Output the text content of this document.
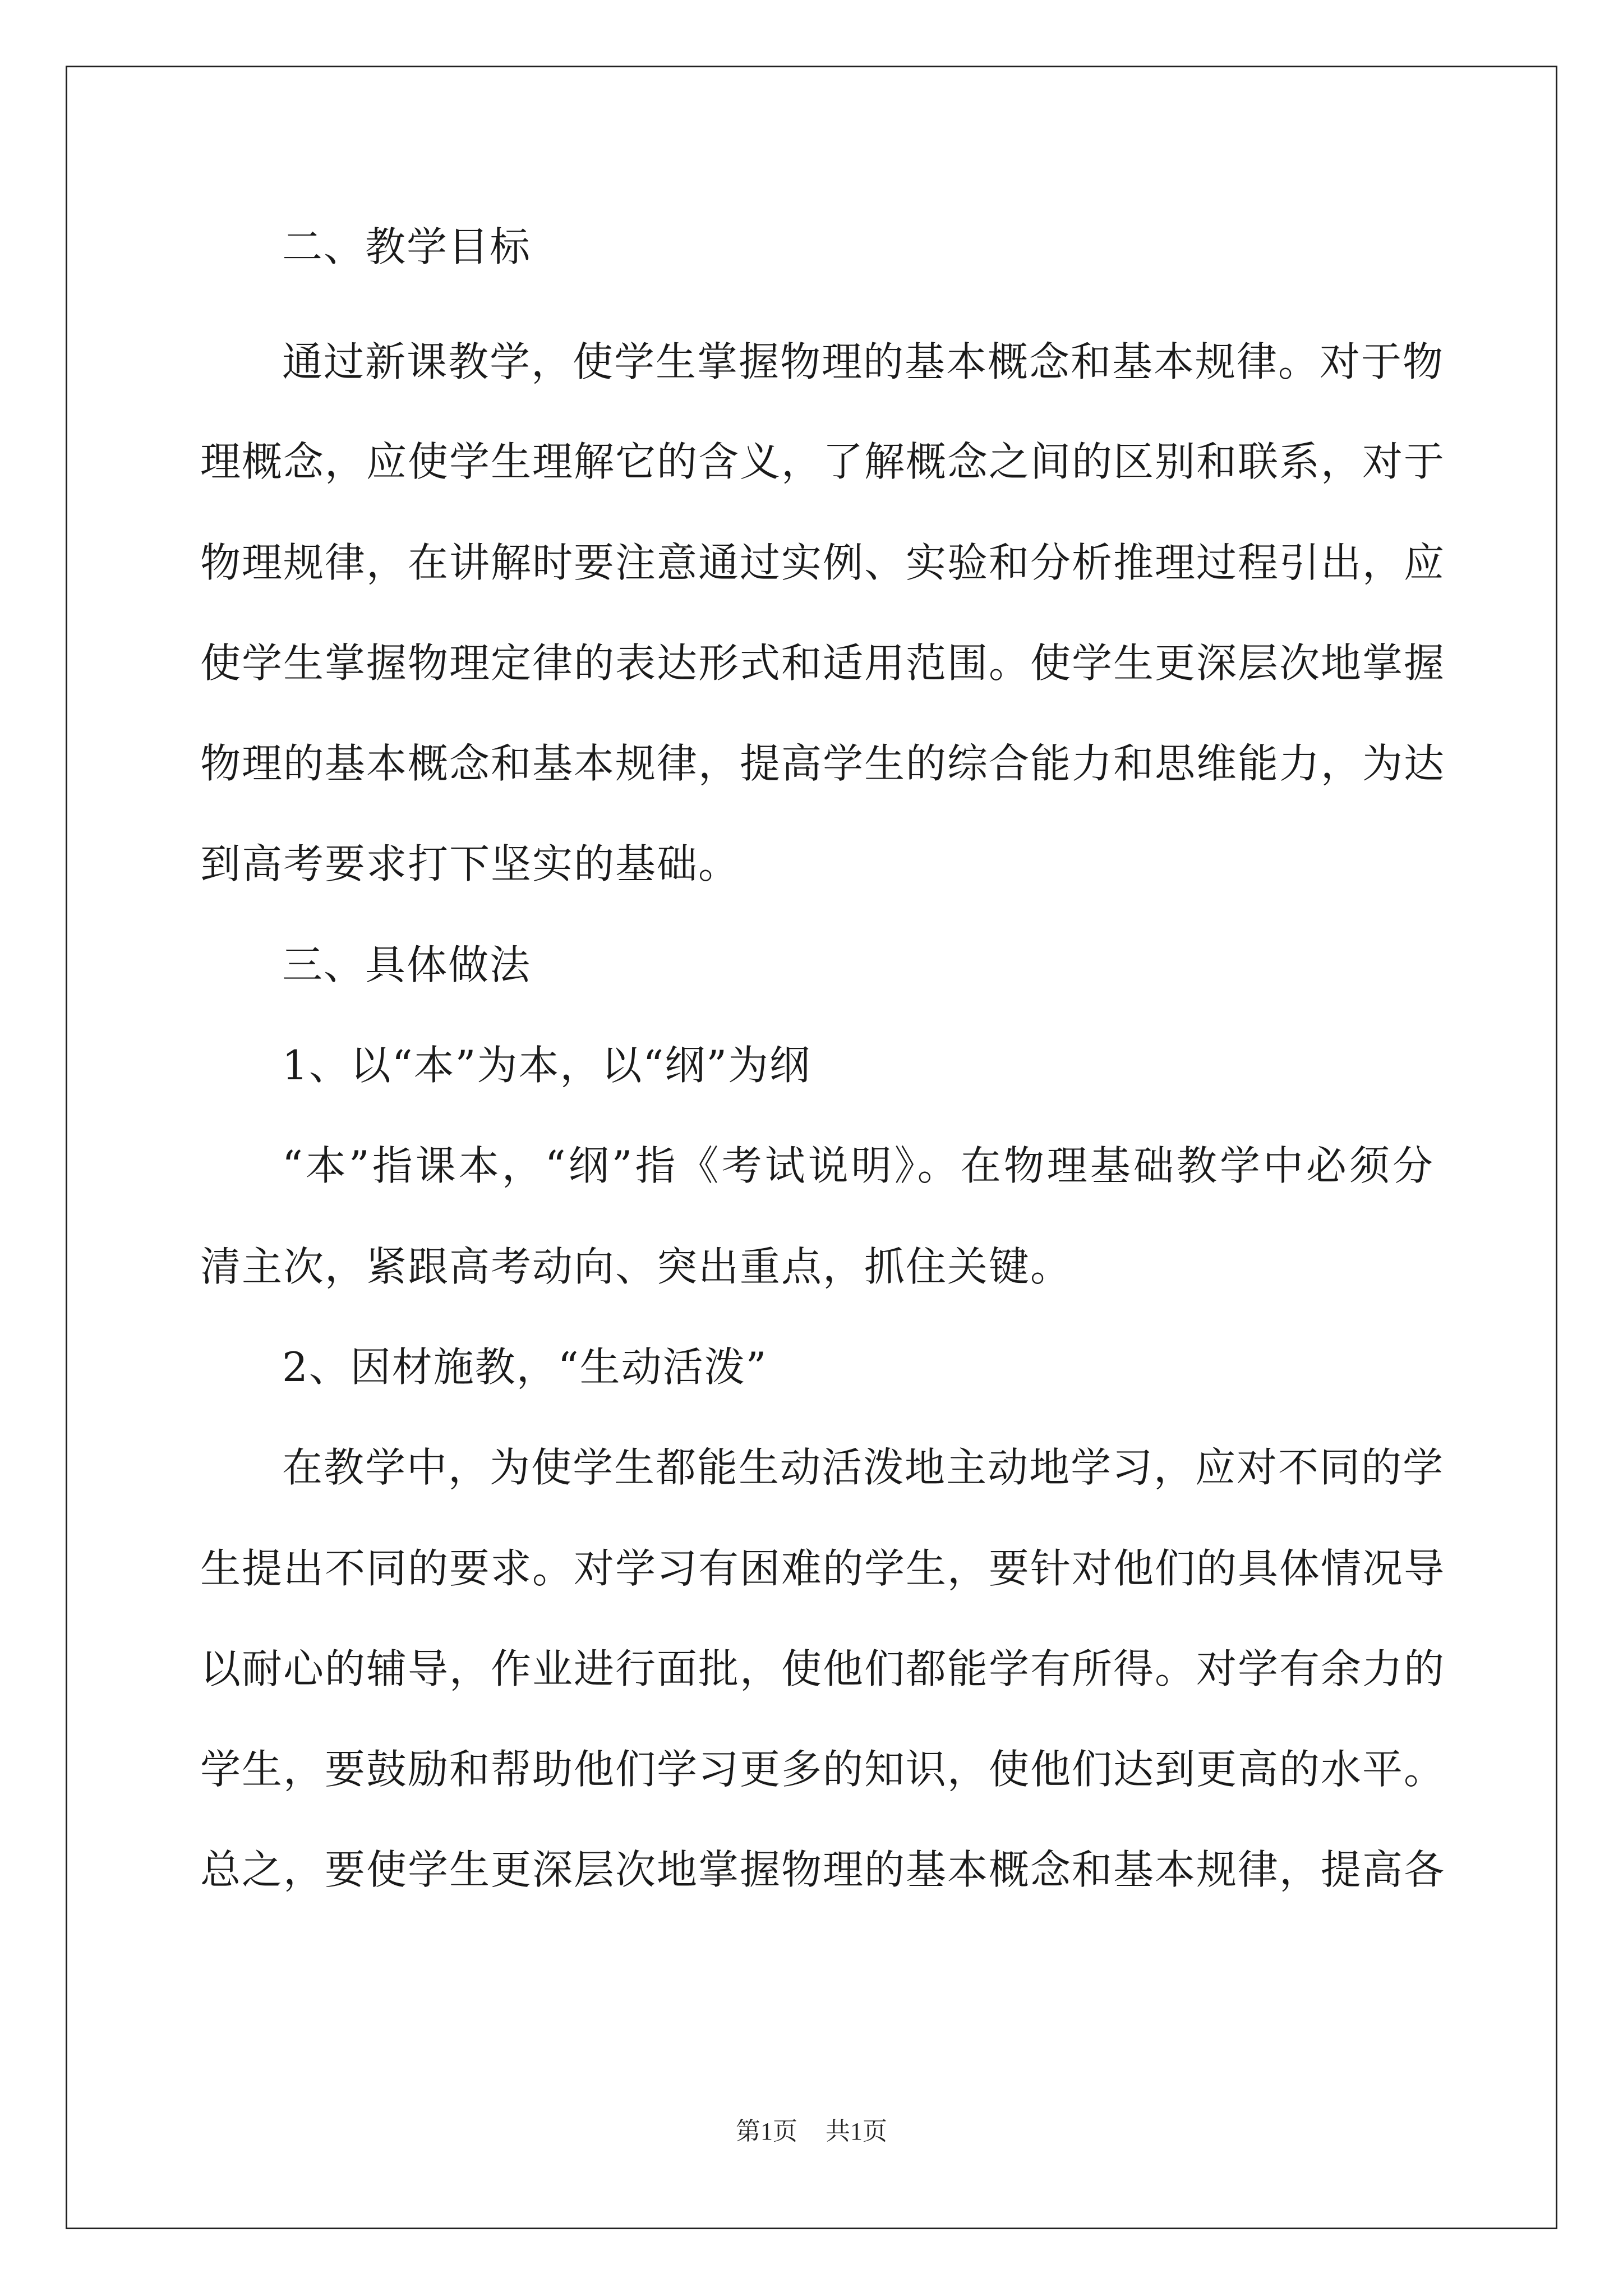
二、教学目标
通过新课教学，使学生掌握物理的基本概念和基本规律。对于物
理概念，应使学生理解它的含义，了解概念之间的区别和联系，对于
物理规律，在讲解时要注意通过实例、实验和分析推理过程引出，应
使学生掌握物理定律的表达形式和适用范围。使学生更深层次地掌握
物理的基本概念和基本规律，提高学生的综合能力和思维能力，为达
到高考要求打下坚实的基础。
三、具体做法
1、以“本”为本，以“纲”为纲
“本”指课本，“纲”指《考试说明》。在物理基础教学中必须分
清主次，紧跟高考动向、突出重点，抓住关键。
2、因材施教，“生动活泼”
在教学中，为使学生都能生动活泼地主动地学习，应对不同的学
生提出不同的要求。对学习有困难的学生，要针对他们的具体情况导
以耐心的辅导，作业进行面批，使他们都能学有所得。对学有余力的
学生，要鼓励和帮助他们学习更多的知识，使他们达到更高的水平。
总之，要使学生更深层次地掌握物理的基本概念和基本规律，提高各
第1页 共1页
